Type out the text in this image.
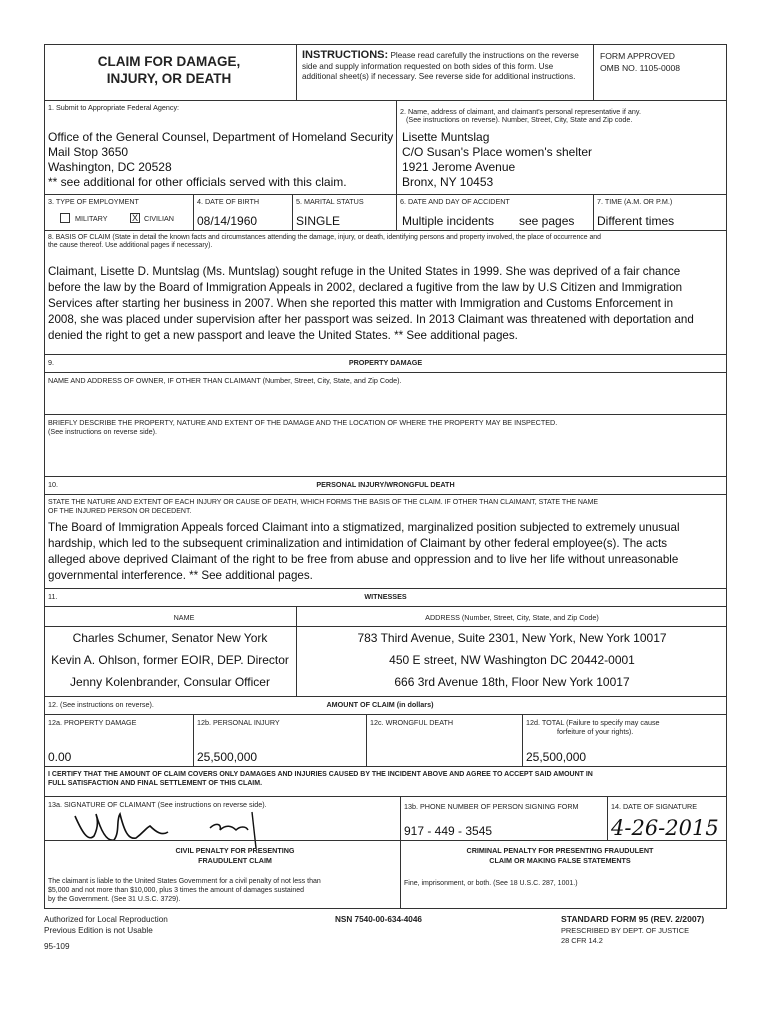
CLAIM FOR DAMAGE,
INJURY, OR DEATH
INSTRUCTIONS: Please read carefully the instructions on the reverse side and supply information requested on both sides of this form. Use additional sheet(s) if necessary. See reverse side for additional instructions.
FORM APPROVED
OMB NO. 1105-0008
1. Submit to Appropriate Federal Agency:
Office of the General Counsel, Department of Homeland Security
Mail Stop 3650
Washington, DC 20528
** see additional for other officials served with this claim.
2. Name, address of claimant, and claimant's personal representative if any.
(See instructions on reverse). Number, Street, City, State and Zip code.
Lisette Muntslag
C/O Susan's Place women's shelter
1921 Jerome Avenue
Bronx, NY 10453
3. TYPE OF EMPLOYMENT
MILITARY	X CIVILIAN
4. DATE OF BIRTH
08/14/1960
5. MARITAL STATUS
SINGLE
6. DATE AND DAY OF ACCIDENT
Multiple incidents see pages
7. TIME (A.M. OR P.M.)
Different times
8. BASIS OF CLAIM (State in detail the known facts and circumstances attending the damage, injury, or death, identifying persons and property involved, the place of occurrence and
the cause thereof. Use additional pages if necessary).
Claimant, Lisette D. Muntslag (Ms. Muntslag) sought refuge in the United States in 1999. She was deprived of a fair chance
before the law by the Board of Immigration Appeals in 2002, declared a fugitive from the law by U.S Citizen and Immigration
Services after starting her business in 2007. When she reported this matter with Immigration and Customs Enforcement in
2008, she was placed under supervision after her passport was seized. In 2013 Claimant was threatened with deportation and
denied the right to get a new passport and leave the United States. ** See additional pages.
9.	PROPERTY DAMAGE
NAME AND ADDRESS OF OWNER, IF OTHER THAN CLAIMANT (Number, Street, City, State, and Zip Code).
BRIEFLY DESCRIBE THE PROPERTY, NATURE AND EXTENT OF THE DAMAGE AND THE LOCATION OF WHERE THE PROPERTY MAY BE INSPECTED.
(See instructions on reverse side).
10.	PERSONAL INJURY/WRONGFUL DEATH
STATE THE NATURE AND EXTENT OF EACH INJURY OR CAUSE OF DEATH, WHICH FORMS THE BASIS OF THE CLAIM. IF OTHER THAN CLAIMANT, STATE THE NAME
OF THE INJURED PERSON OR DECEDENT.
The Board of Immigration Appeals forced Claimant into a stigmatized, marginalized position subjected to extremely unusual
hardship, which led to the subsequent criminalization and intimidation of Claimant by other federal employee(s). The acts
alleged above deprived Claimant of the right to be free from abuse and oppression and to live her life without unreasonable
governmental interference. ** See additional pages.
11.	WITNESSES
NAME	ADDRESS (Number, Street, City, State, and Zip Code)
Charles Schumer, Senator New York	783 Third Avenue, Suite 2301, New York, New York 10017
Kevin A. Ohlson, former EOIR, DEP. Director	450 E street, NW Washington DC 20442-0001
Jenny Kolenbrander, Consular Officer	666 3rd Avenue 18th, Floor New York 10017
12. (See instructions on reverse).	AMOUNT OF CLAIM (in dollars)
12a. PROPERTY DAMAGE
0.00
12b. PERSONAL INJURY
25,500,000
12c. WRONGFUL DEATH	12d. TOTAL (Failure to specify may cause
forfeiture of your rights).
25,500,000
I CERTIFY THAT THE AMOUNT OF CLAIM COVERS ONLY DAMAGES AND INJURIES CAUSED BY THE INCIDENT ABOVE AND AGREE TO ACCEPT SAID AMOUNT IN
FULL SATISFACTION AND FINAL SETTLEMENT OF THIS CLAIM.
13a. SIGNATURE OF CLAIMANT (See instructions on reverse side).	13b. PHONE NUMBER OF PERSON SIGNING FORM
917 - 449 - 3545
14. DATE OF SIGNATURE
4-26-2015
CIVIL PENALTY FOR PRESENTING
FRAUDULENT CLAIM
The claimant is liable to the United States Government for a civil penalty of not less than
$5,000 and not more than $10,000, plus 3 times the amount of damages sustained
by the Government. (See 31 U.S.C. 3729).
CRIMINAL PENALTY FOR PRESENTING FRAUDULENT
CLAIM OR MAKING FALSE STATEMENTS
Fine, imprisonment, or both. (See 18 U.S.C. 287, 1001.)
Authorized for Local Reproduction
Previous Edition is not Usable
95-109
NSN 7540-00-634-4046	STANDARD FORM 95 (REV. 2/2007)
PRESCRIBED BY DEPT. OF JUSTICE
28 CFR 14.2
